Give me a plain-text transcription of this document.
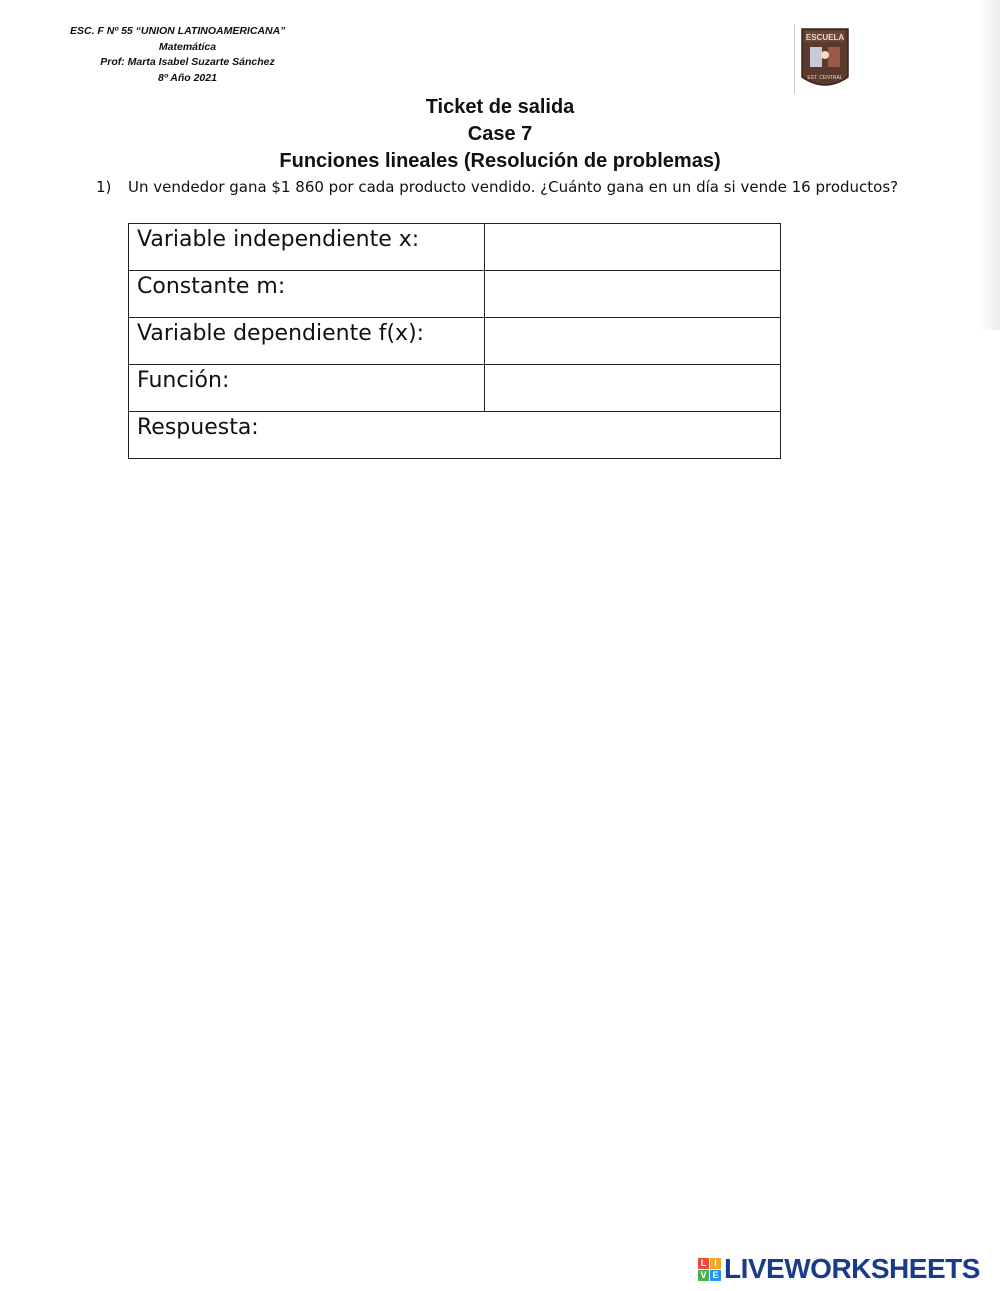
ESC. F Nº 55 “UNION LATINOAMERICANA”
Matemática
Prof: Marta Isabel Suzarte Sánchez
8º Año 2021
ESCUELA
EST. CENTRAL
Ticket de salida
Case 7
Funciones lineales (Resolución de problemas)
1) Un vendedor gana $1 860 por cada producto vendido. ¿Cuánto gana en un día si vende 16 productos?
Variable independiente x:	
Constante m:	
Variable dependiente f(x):	
Función:	
Respuesta:	
L I
V E LIVEWORKSHEETS
